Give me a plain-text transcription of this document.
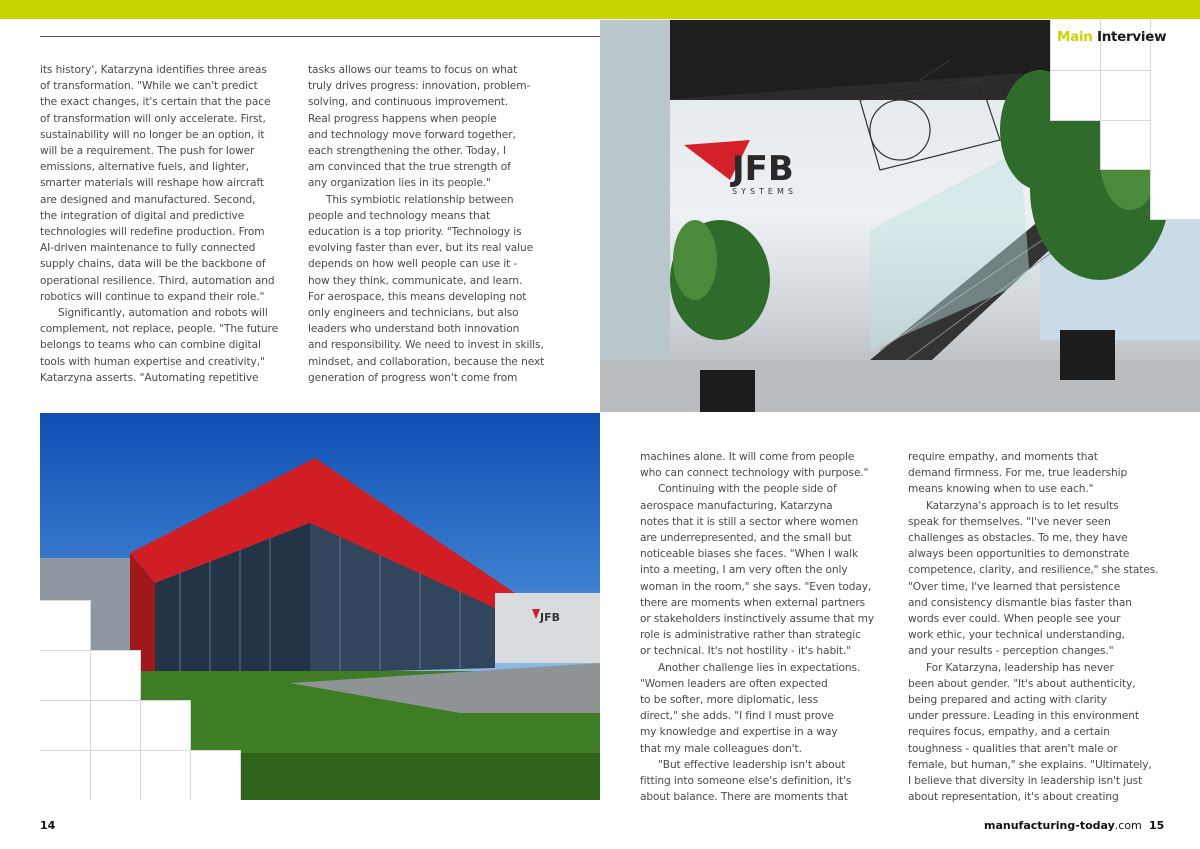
JFB
SYSTEMS
Main Interview
JFB
its history', Katarzyna identifies three areas
of transformation. "While we can't predict
the exact changes, it's certain that the pace
of transformation will only accelerate. First,
sustainability will no longer be an option, it
will be a requirement. The push for lower
emissions, alternative fuels, and lighter,
smarter materials will reshape how aircraft
are designed and manufactured. Second,
the integration of digital and predictive
technologies will redefine production. From
AI-driven maintenance to fully connected
supply chains, data will be the backbone of
operational resilience. Third, automation and
robotics will continue to expand their role."
Significantly, automation and robots will
complement, not replace, people. "The future
belongs to teams who can combine digital
tools with human expertise and creativity,"
Katarzyna asserts. "Automating repetitive
tasks allows our teams to focus on what
truly drives progress: innovation, problem-
solving, and continuous improvement.
Real progress happens when people
and technology move forward together,
each strengthening the other. Today, I
am convinced that the true strength of
any organization lies in its people."
This symbiotic relationship between
people and technology means that
education is a top priority. "Technology is
evolving faster than ever, but its real value
depends on how well people can use it -
how they think, communicate, and learn.
For aerospace, this means developing not
only engineers and technicians, but also
leaders who understand both innovation
and responsibility. We need to invest in skills,
mindset, and collaboration, because the next
generation of progress won't come from
machines alone. It will come from people
who can connect technology with purpose."
Continuing with the people side of
aerospace manufacturing, Katarzyna
notes that it is still a sector where women
are underrepresented, and the small but
noticeable biases she faces. "When I walk
into a meeting, I am very often the only
woman in the room," she says. "Even today,
there are moments when external partners
or stakeholders instinctively assume that my
role is administrative rather than strategic
or technical. It's not hostility - it's habit."
Another challenge lies in expectations.
"Women leaders are often expected
to be softer, more diplomatic, less
direct," she adds. "I find I must prove
my knowledge and expertise in a way
that my male colleagues don't.
"But effective leadership isn't about
fitting into someone else's definition, it's
about balance. There are moments that
require empathy, and moments that
demand firmness. For me, true leadership
means knowing when to use each."
Katarzyna's approach is to let results
speak for themselves. "I've never seen
challenges as obstacles. To me, they have
always been opportunities to demonstrate
competence, clarity, and resilience," she states.
"Over time, I've learned that persistence
and consistency dismantle bias faster than
words ever could. When people see your
work ethic, your technical understanding,
and your results - perception changes."
For Katarzyna, leadership has never
been about gender. "It's about authenticity,
being prepared and acting with clarity
under pressure. Leading in this environment
requires focus, empathy, and a certain
toughness - qualities that aren't male or
female, but human," she explains. "Ultimately,
I believe that diversity in leadership isn't just
about representation, it's about creating
14	manufacturing-today.com 15
